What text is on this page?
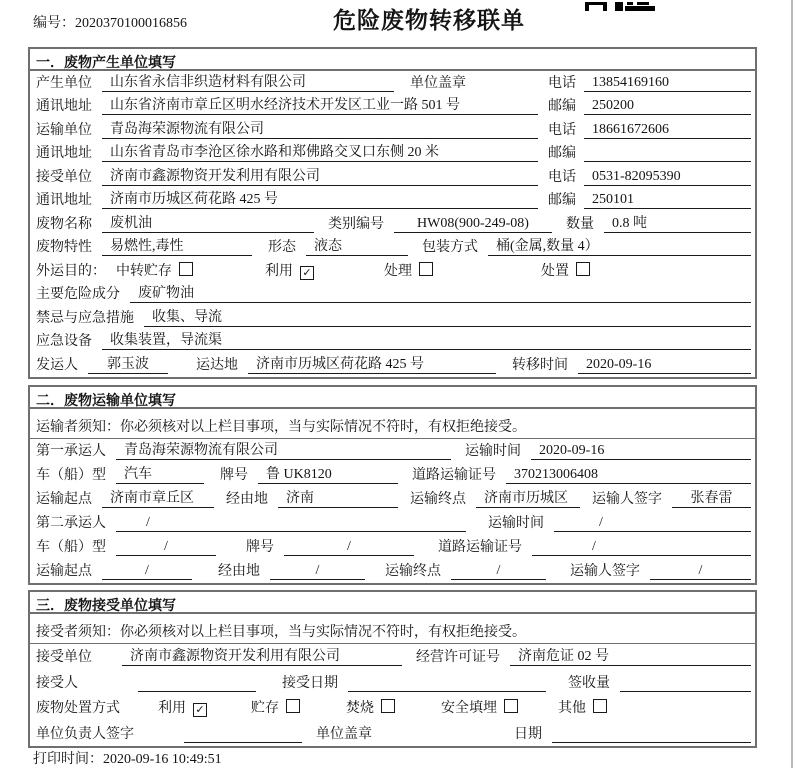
编号：2020370100016856	危险废物转移联单
一．废物产生单位填写
产生单位	山东省永信非织造材料有限公司	单位盖章	电话	13854169160
通讯地址	山东省济南市章丘区明水经济技术开发区工业一路 501 号	邮编	250200
运输单位	青岛海荣源物流有限公司	电话	18661672606
通讯地址	山东省青岛市李沧区徐水路和郑佛路交叉口东侧 20 米	邮编
接受单位	济南市鑫源物资开发利用有限公司	电话	0531-82095390
通讯地址	济南市历城区荷花路 425 号	邮编	250101
废物名称	废机油	类别编号	HW08(900-249-08)	数量	0.8 吨
废物特性	易燃性,毒性	形态	液态	包装方式	桶(金属,数量 4）
外运目的： 中转贮存	利用 ✓	处理	处置
主要危险成分	废矿物油
禁忌与应急措施	收集、导流
应急设备	收集装置，导流渠
发运人	郭玉波	运达地	济南市历城区荷花路 425 号	转移时间	2020-09-16
二．废物运输单位填写
运输者须知：你必须核对以上栏目事项，当与实际情况不符时，有权拒绝接受。
第一承运人	青岛海荣源物流有限公司	运输时间	2020-09-16
车（船）型	汽车	牌号	鲁 UK8120	道路运输证号	370213006408
运输起点	济南市章丘区	经由地	济南	运输终点	济南市历城区	运输人签字	张春雷
第二承运人	/	运输时间	/
车（船）型	/	牌号	/	道路运输证号	/
运输起点	/	经由地	/	运输终点	/	运输人签字	/
三．废物接受单位填写
接受者须知：你必须核对以上栏目事项，当与实际情况不符时，有权拒绝接受。
接受单位	济南市鑫源物资开发利用有限公司	经营许可证号	济南危证 02 号
接受人	接受日期	签收量
废物处置方式	利用 ✓	贮存	焚烧	安全填埋	其他
单位负责人签字	单位盖章	日期
打印时间：2020-09-16 10:49:51
